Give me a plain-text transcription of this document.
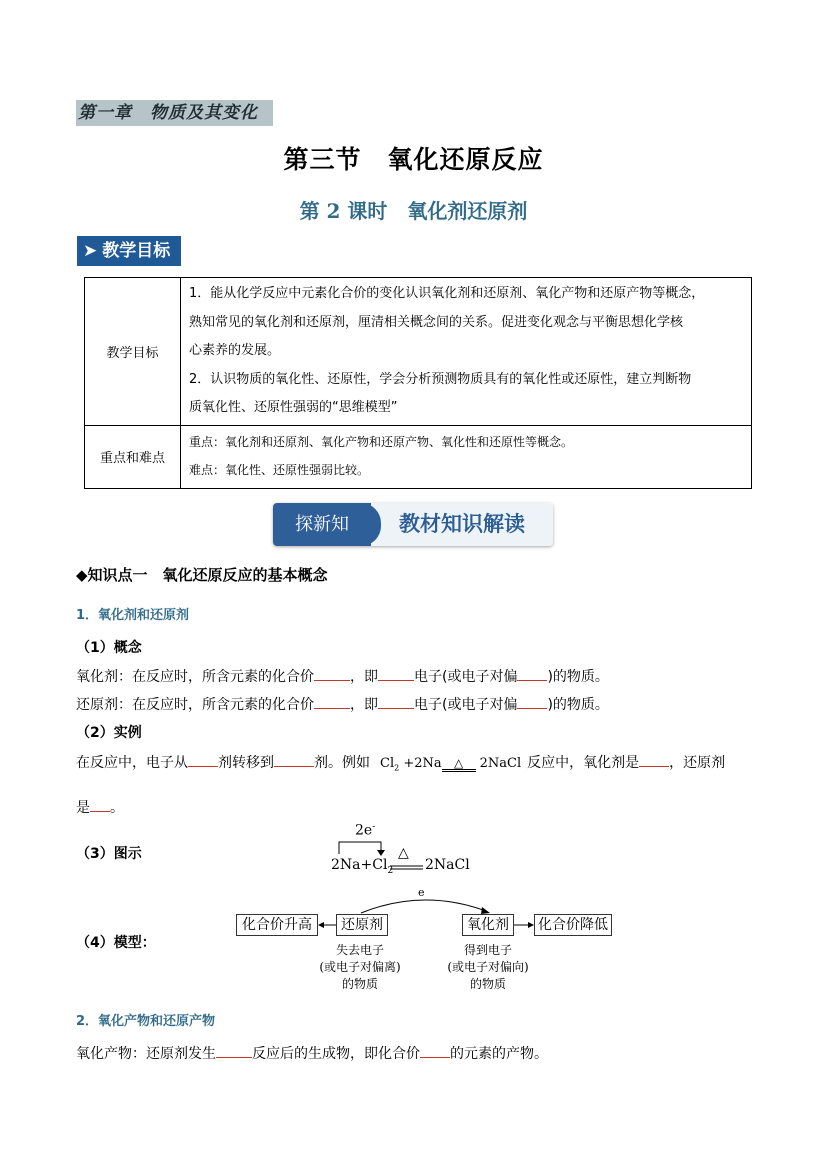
第一章　物质及其变化
第三节　氧化还原反应
第 2 课时　氧化剂还原剂
➤ 教学目标
教学目标	1．能从化学反应中元素化合价的变化认识氧化剂和还原剂、氧化产物和还原产物等概念，
熟知常见的氧化剂和还原剂，厘清相关概念间的关系。促进变化观念与平衡思想化学核
心素养的发展。
2．认识物质的氧化性、还原性，学会分析预测物质具有的氧化性或还原性，建立判断物
质氧化性、还原性强弱的“思维模型”

重点和难点	重点：氧化剂和还原剂、氧化产物和还原产物、氧化性和还原性等概念。
难点：氧化性、还原性强弱比较。
探新知	教材知识解读
◆知识点一　氧化还原反应的基本概念
1．氧化剂和还原剂
（1）概念
氧化剂：在反应时，所含元素的化合价	，即	电子(或电子对偏 )的物质。
还原剂：在反应时，所含元素的化合价	，即	电子(或电子对偏 )的物质。
（2）实例
在反应中，电子从 剂转移到	剂。例如 $Cl_2 +2Na$ △ 2NaCl 反应中，氧化剂是 ，还原剂
是 。
（3）图示
2e-
$2Na+Cl_2$
△
2NaCl
（4）模型：
e
化合价升高	还原剂	氧化剂	化合价降低
失去电子
(或电子对偏离)
的物质
得到电子
(或电子对偏向)
的物质
2．氧化产物和还原产物
氧化产物：还原剂发生	反应后的生成物，即化合价 的元素的产物。
